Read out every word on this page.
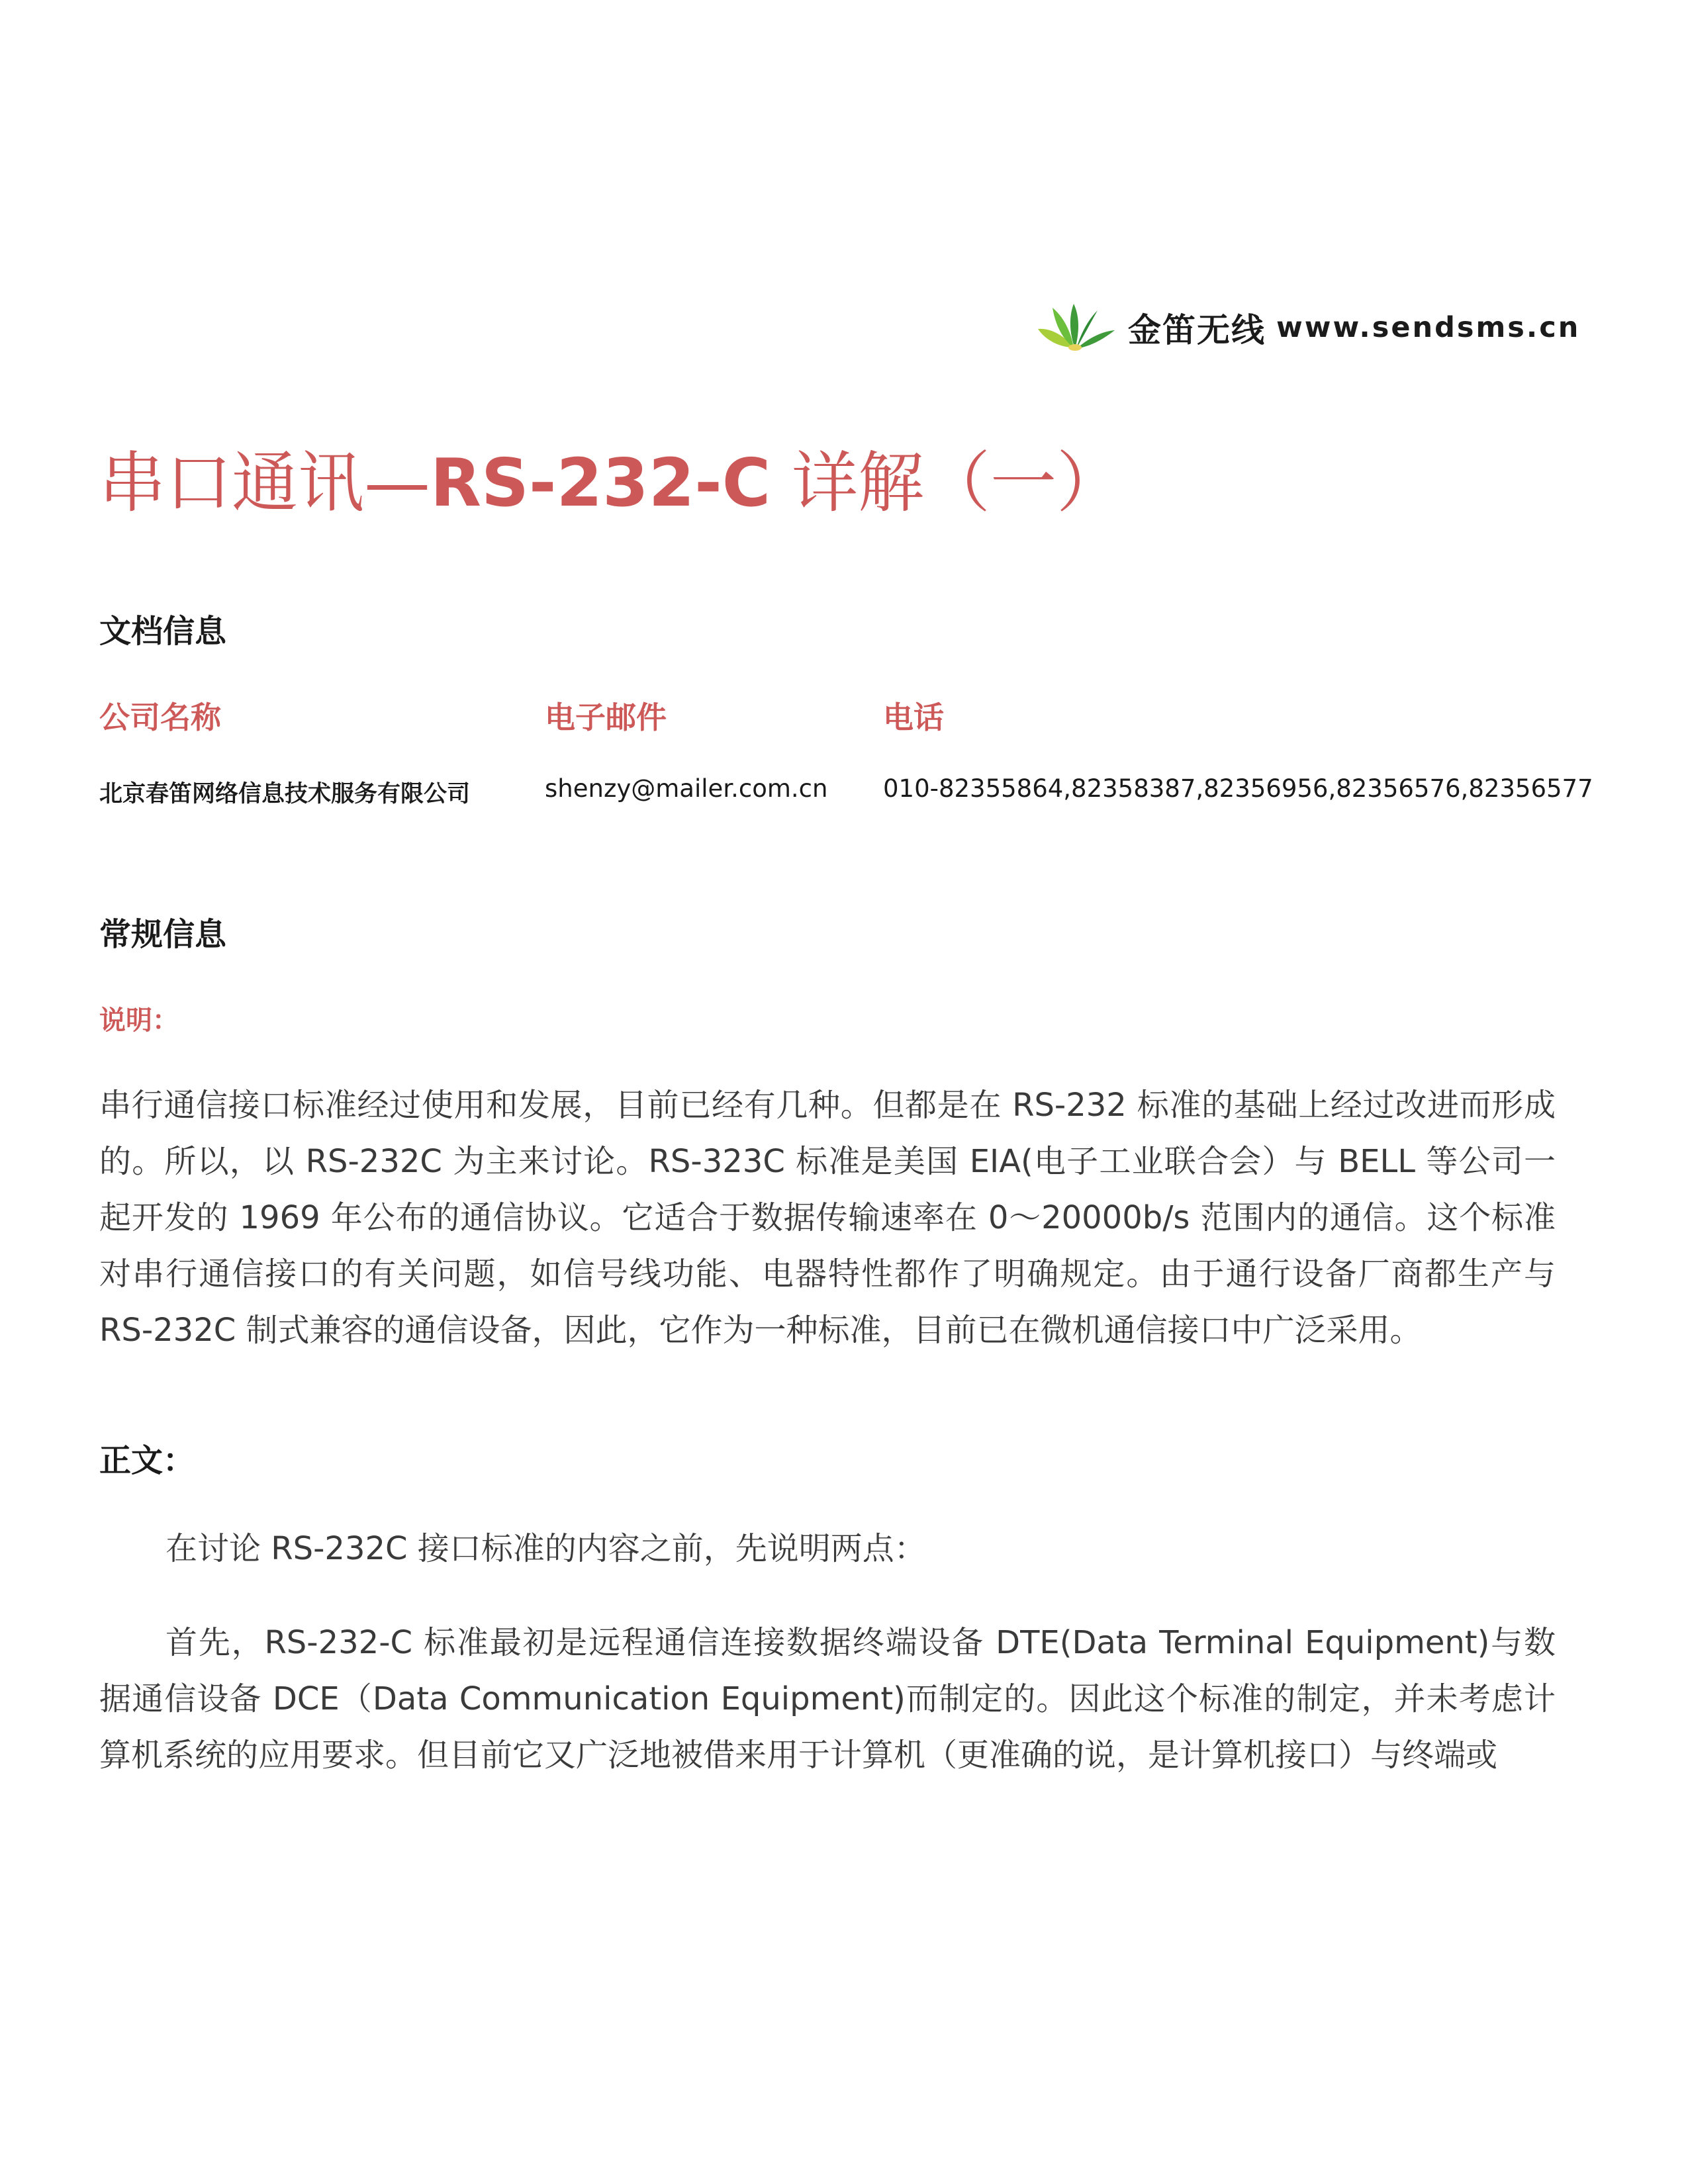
金笛无线 www.sendsms.cn
串口通讯—RS-232-C 详解（一）
文档信息
公司名称	电子邮件	电话
北京春笛网络信息技术服务有限公司	shenzy@mailer.com.cn 010-82355864,82358387,82356956,82356576,82356577
常规信息
说明：
串行通信接口标准经过使用和发展，目前已经有几种。但都是在 RS-232 标准的基础上经过改进而形成的。所以，以 RS-232C 为主来讨论。RS-323C 标准是美国 EIA(电子工业联合会）与 BELL 等公司一起开发的 1969 年公布的通信协议。它适合于数据传输速率在 0～20000b/s 范围内的通信。这个标准对串行通信接口的有关问题，如信号线功能、电器特性都作了明确规定。由于通行设备厂商都生产与 RS-232C 制式兼容的通信设备，因此，它作为一种标准，目前已在微机通信接口中广泛采用。
正文：
在讨论 RS-232C 接口标准的内容之前，先说明两点：
首先，RS-232-C 标准最初是远程通信连接数据终端设备 DTE(Data Terminal Equipment)与数据通信设备 DCE（Data Communication Equipment)而制定的。因此这个标准的制定，并未考虑计算机系统的应用要求。但目前它又广泛地被借来用于计算机（更准确的说，是计算机接口）与终端或
